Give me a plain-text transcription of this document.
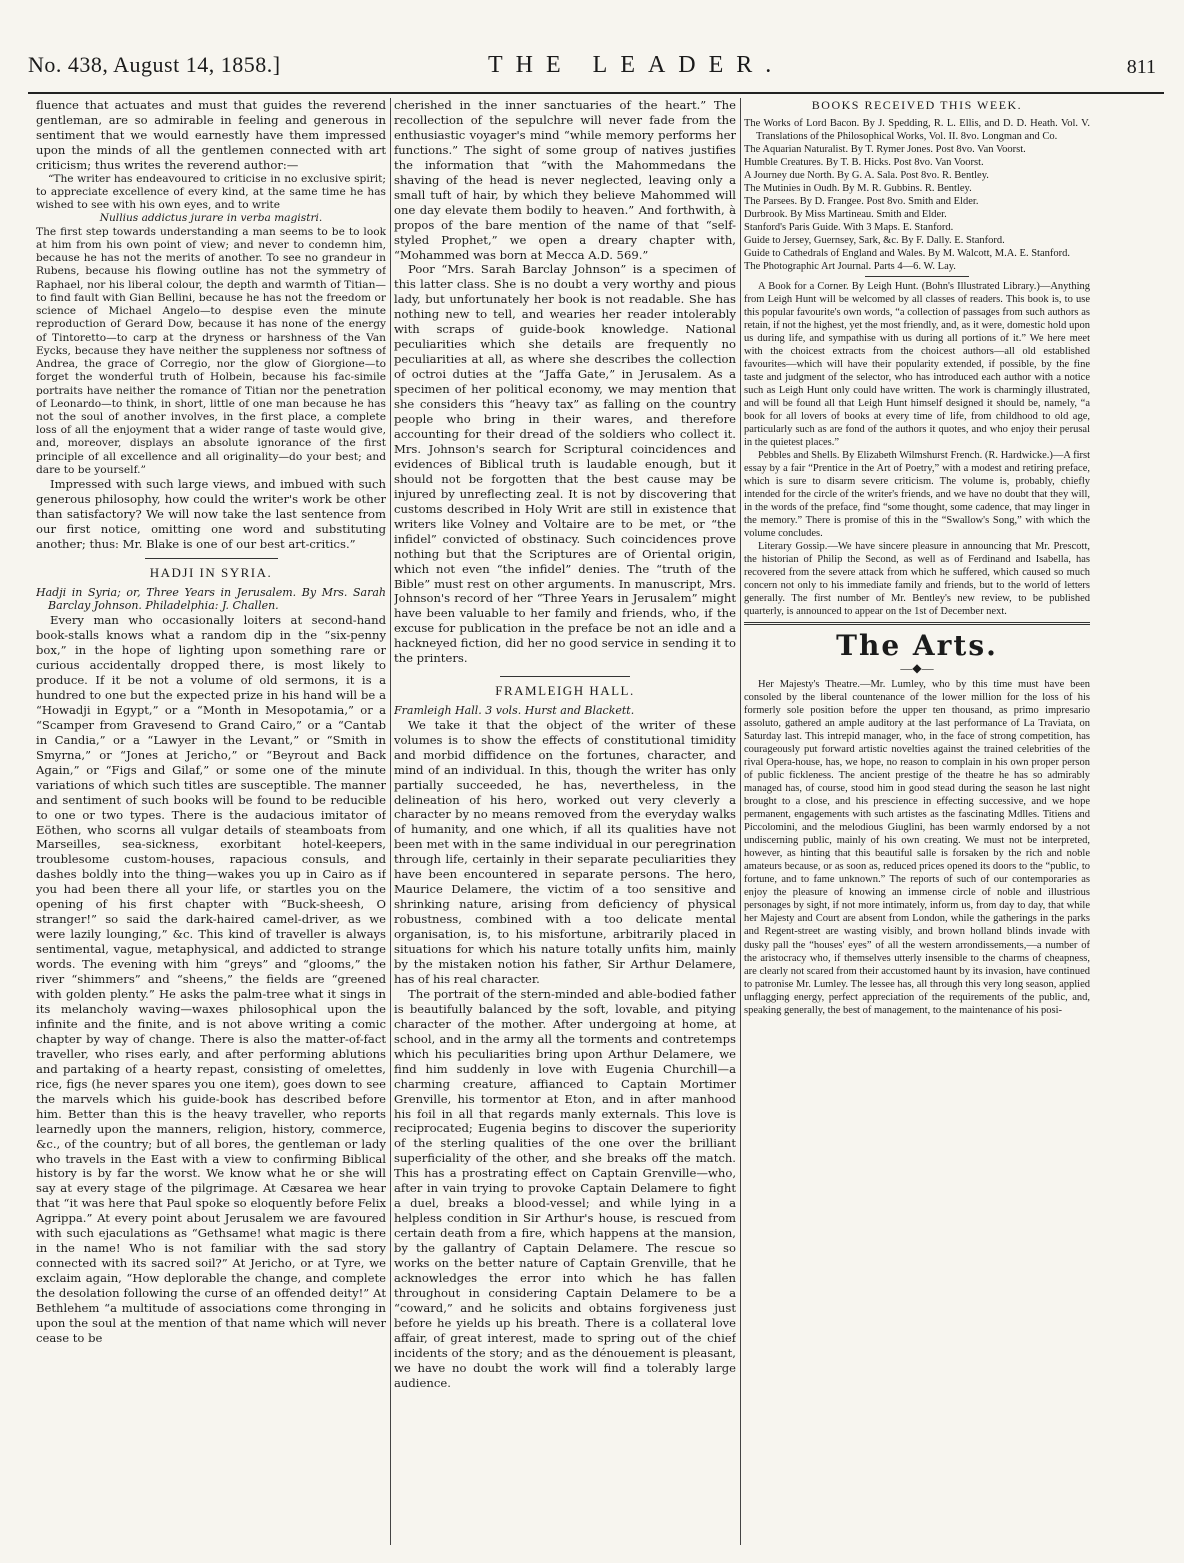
No. 438, August 14, 1858.]	THE LEADER.	811

fluence that actuates and must that guides the reverend gentleman, are so admirable in feeling and generous in sentiment that we would earnestly have them impressed upon the minds of all the gentlemen connected with art criticism; thus writes the reverend author:—

“The writer has endeavoured to criticise in no exclusive spirit; to appreciate excellence of every kind, at the same time he has wished to see with his own eyes, and to write

Nullius addictus jurare in verba magistri.

The first step towards understanding a man seems to be to look at him from his own point of view; and never to condemn him, because he has not the merits of another. To see no grandeur in Rubens, because his flowing outline has not the symmetry of Raphael, nor his liberal colour, the depth and warmth of Titian—to find fault with Gian Bellini, because he has not the freedom or science of Michael Angelo—to despise even the minute reproduction of Gerard Dow, because it has none of the energy of Tintoretto—to carp at the dryness or harshness of the Van Eycks, because they have neither the suppleness nor softness of Andrea, the grace of Corregio, nor the glow of Giorgione—to forget the wonderful truth of Holbein, because his fac-simile portraits have neither the romance of Titian nor the penetration of Leonardo—to think, in short, little of one man because he has not the soul of another involves, in the first place, a complete loss of all the enjoyment that a wider range of taste would give, and, moreover, displays an absolute ignorance of the first principle of all excellence and all originality—do your best; and dare to be yourself.”

Impressed with such large views, and imbued with such generous philosophy, how could the writer's work be other than satisfactory? We will now take the last sentence from our first notice, omitting one word and substituting another; thus: Mr. Blake is one of our best art-critics.”

HADJI IN SYRIA.

Hadji in Syria; or, Three Years in Jerusalem. By Mrs. Sarah Barclay Johnson. Philadelphia: J. Challen.

Every man who occasionally loiters at second-hand book-stalls knows what a random dip in the “six-penny box,” in the hope of lighting upon something rare or curious accidentally dropped there, is most likely to produce. If it be not a volume of old sermons, it is a hundred to one but the expected prize in his hand will be a “Howadji in Egypt,” or a “Month in Mesopotamia,” or a “Scamper from Gravesend to Grand Cairo,” or a “Cantab in Candia,” or a “Lawyer in the Levant,” or “Smith in Smyrna,” or “Jones at Jericho,” or “Beyrout and Back Again,” or “Figs and Gilaf,” or some one of the minute variations of which such titles are susceptible. The manner and sentiment of such books will be found to be reducible to one or two types. There is the audacious imitator of Eöthen, who scorns all vulgar details of steamboats from Marseilles, sea-sickness, exorbitant hotel-keepers, troublesome custom-houses, rapacious consuls, and dashes boldly into the thing—wakes you up in Cairo as if you had been there all your life, or startles you on the opening of his first chapter with “Buck-sheesh, O stranger!” so said the dark-haired camel-driver, as we were lazily lounging,” &c. This kind of traveller is always sentimental, vague, metaphysical, and addicted to strange words. The evening with him “greys” and “glooms,” the river “shimmers” and “sheens,” the fields are “greened with golden plenty.” He asks the palm-tree what it sings in its melancholy waving—waxes philosophical upon the infinite and the finite, and is not above writing a comic chapter by way of change. There is also the matter-of-fact traveller, who rises early, and after performing ablutions and partaking of a hearty repast, consisting of omelettes, rice, figs (he never spares you one item), goes down to see the marvels which his guide-book has described before him. Better than this is the heavy traveller, who reports learnedly upon the manners, religion, history, commerce, &c., of the country; but of all bores, the gentleman or lady who travels in the East with a view to confirming Biblical history is by far the worst. We know what he or she will say at every stage of the pilgrimage. At Cæsarea we hear that “it was here that Paul spoke so eloquently before Felix Agrippa.” At every point about Jerusalem we are favoured with such ejaculations as “Gethsame! what magic is there in the name! Who is not familiar with the sad story connected with its sacred soil?” At Jericho, or at Tyre, we exclaim again, “How deplorable the change, and complete the desolation following the curse of an offended deity!” At Bethlehem “a multitude of associations come thronging in upon the soul at the mention of that name which will never cease to be

cherished in the inner sanctuaries of the heart.” The recollection of the sepulchre will never fade from the enthusiastic voyager's mind “while memory performs her functions.” The sight of some group of natives justifies the information that “with the Mahommedans the shaving of the head is never neglected, leaving only a small tuft of hair, by which they believe Mahommed will one day elevate them bodily to heaven.” And forthwith, à propos of the bare mention of the name of that “self-styled Prophet,” we open a dreary chapter with, “Mohammed was born at Mecca A.D. 569.”

Poor “Mrs. Sarah Barclay Johnson” is a specimen of this latter class. She is no doubt a very worthy and pious lady, but unfortunately her book is not readable. She has nothing new to tell, and wearies her reader intolerably with scraps of guide-book knowledge. National peculiarities which she details are frequently no peculiarities at all, as where she describes the collection of octroi duties at the “Jaffa Gate,” in Jerusalem. As a specimen of her political economy, we may mention that she considers this “heavy tax” as falling on the country people who bring in their wares, and therefore accounting for their dread of the soldiers who collect it. Mrs. Johnson's search for Scriptural coincidences and evidences of Biblical truth is laudable enough, but it should not be forgotten that the best cause may be injured by unreflecting zeal. It is not by discovering that customs described in Holy Writ are still in existence that writers like Volney and Voltaire are to be met, or “the infidel” convicted of obstinacy. Such coincidences prove nothing but that the Scriptures are of Oriental origin, which not even “the infidel” denies. The “truth of the Bible” must rest on other arguments. In manuscript, Mrs. Johnson's record of her “Three Years in Jerusalem” might have been valuable to her family and friends, who, if the excuse for publication in the preface be not an idle and a hackneyed fiction, did her no good service in sending it to the printers.

FRAMLEIGH HALL.

Framleigh Hall. 3 vols. Hurst and Blackett.

We take it that the object of the writer of these volumes is to show the effects of constitutional timidity and morbid diffidence on the fortunes, character, and mind of an individual. In this, though the writer has only partially succeeded, he has, nevertheless, in the delineation of his hero, worked out very cleverly a character by no means removed from the everyday walks of humanity, and one which, if all its qualities have not been met with in the same individual in our peregrination through life, certainly in their separate peculiarities they have been encountered in separate persons. The hero, Maurice Delamere, the victim of a too sensitive and shrinking nature, arising from deficiency of physical robustness, combined with a too delicate mental organisation, is, to his misfortune, arbitrarily placed in situations for which his nature totally unfits him, mainly by the mistaken notion his father, Sir Arthur Delamere, has of his real character.

The portrait of the stern-minded and able-bodied father is beautifully balanced by the soft, lovable, and pitying character of the mother. After undergoing at home, at school, and in the army all the torments and contretemps which his peculiarities bring upon Arthur Delamere, we find him suddenly in love with Eugenia Churchill—a charming creature, affianced to Captain Mortimer Grenville, his tormentor at Eton, and in after manhood his foil in all that regards manly externals. This love is reciprocated; Eugenia begins to discover the superiority of the sterling qualities of the one over the brilliant superficiality of the other, and she breaks off the match. This has a prostrating effect on Captain Grenville—who, after in vain trying to provoke Captain Delamere to fight a duel, breaks a blood-vessel; and while lying in a helpless condition in Sir Arthur's house, is rescued from certain death from a fire, which happens at the mansion, by the gallantry of Captain Delamere. The rescue so works on the better nature of Captain Grenville, that he acknowledges the error into which he has fallen throughout in considering Captain Delamere to be a “coward,” and he solicits and obtains forgiveness just before he yields up his breath. There is a collateral love affair, of great interest, made to spring out of the chief incidents of the story; and as the dénouement is pleasant, we have no doubt the work will find a tolerably large audience.

BOOKS RECEIVED THIS WEEK.

The Works of Lord Bacon. By J. Spedding, R. L. Ellis, and D. D. Heath. Vol. V. Translations of the Philosophical Works, Vol. II. 8vo. Longman and Co.

The Aquarian Naturalist. By T. Rymer Jones. Post 8vo. Van Voorst.

Humble Creatures. By T. B. Hicks. Post 8vo. Van Voorst.

A Journey due North. By G. A. Sala. Post 8vo. R. Bentley.

The Mutinies in Oudh. By M. R. Gubbins. R. Bentley.

The Parsees. By D. Frangee. Post 8vo. Smith and Elder.

Durbrook. By Miss Martineau. Smith and Elder.

Stanford's Paris Guide. With 3 Maps. E. Stanford.

Guide to Jersey, Guernsey, Sark, &c. By F. Dally. E. Stanford.

Guide to Cathedrals of England and Wales. By M. Walcott, M.A. E. Stanford.

The Photographic Art Journal. Parts 4—6. W. Lay.

A Book for a Corner. By Leigh Hunt. (Bohn's Illustrated Library.)—Anything from Leigh Hunt will be welcomed by all classes of readers. This book is, to use this popular favourite's own words, “a collection of passages from such authors as retain, if not the highest, yet the most friendly, and, as it were, domestic hold upon us during life, and sympathise with us during all portions of it.” We here meet with the choicest extracts from the choicest authors—all old established favourites—which will have their popularity extended, if possible, by the fine taste and judgment of the selector, who has introduced each author with a notice such as Leigh Hunt only could have written. The work is charmingly illustrated, and will be found all that Leigh Hunt himself designed it should be, namely, “a book for all lovers of books at every time of life, from childhood to old age, particularly such as are fond of the authors it quotes, and who enjoy their perusal in the quietest places.”

Pebbles and Shells. By Elizabeth Wilmshurst French. (R. Hardwicke.)—A first essay by a fair “Prentice in the Art of Poetry,” with a modest and retiring preface, which is sure to disarm severe criticism. The volume is, probably, chiefly intended for the circle of the writer's friends, and we have no doubt that they will, in the words of the preface, find “some thought, some cadence, that may linger in the memory.” There is promise of this in the “Swallow's Song,” with which the volume concludes.

Literary Gossip.—We have sincere pleasure in announcing that Mr. Prescott, the historian of Philip the Second, as well as of Ferdinand and Isabella, has recovered from the severe attack from which he suffered, which caused so much concern not only to his immediate family and friends, but to the world of letters generally. The first number of Mr. Bentley's new review, to be published quarterly, is announced to appear on the 1st of December next.

The Arts.
—◆—

Her Majesty's Theatre.—Mr. Lumley, who by this time must have been consoled by the liberal countenance of the lower million for the loss of his formerly sole position before the upper ten thousand, as primo impresario assoluto, gathered an ample auditory at the last performance of La Traviata, on Saturday last. This intrepid manager, who, in the face of strong competition, has courageously put forward artistic novelties against the trained celebrities of the rival Opera-house, has, we hope, no reason to complain in his own proper person of public fickleness. The ancient prestige of the theatre he has so admirably managed has, of course, stood him in good stead during the season he last night brought to a close, and his prescience in effecting successive, and we hope permanent, engagements with such artistes as the fascinating Mdlles. Titiens and Piccolomini, and the melodious Giuglini, has been warmly endorsed by a not undiscerning public, mainly of his own creating. We must not be interpreted, however, as hinting that this beautiful salle is forsaken by the rich and noble amateurs because, or as soon as, reduced prices opened its doors to the “public, to fortune, and to fame unknown.” The reports of such of our contemporaries as enjoy the pleasure of knowing an immense circle of noble and illustrious personages by sight, if not more intimately, inform us, from day to day, that while her Majesty and Court are absent from London, while the gatherings in the parks and Regent-street are wasting visibly, and brown holland blinds invade with dusky pall the “houses' eyes” of all the western arrondissements,—a number of the aristocracy who, if themselves utterly insensible to the charms of cheapness, are clearly not scared from their accustomed haunt by its invasion, have continued to patronise Mr. Lumley. The lessee has, all through this very long season, applied unflagging energy, perfect appreciation of the requirements of the public, and, speaking generally, the best of management, to the maintenance of his posi-
